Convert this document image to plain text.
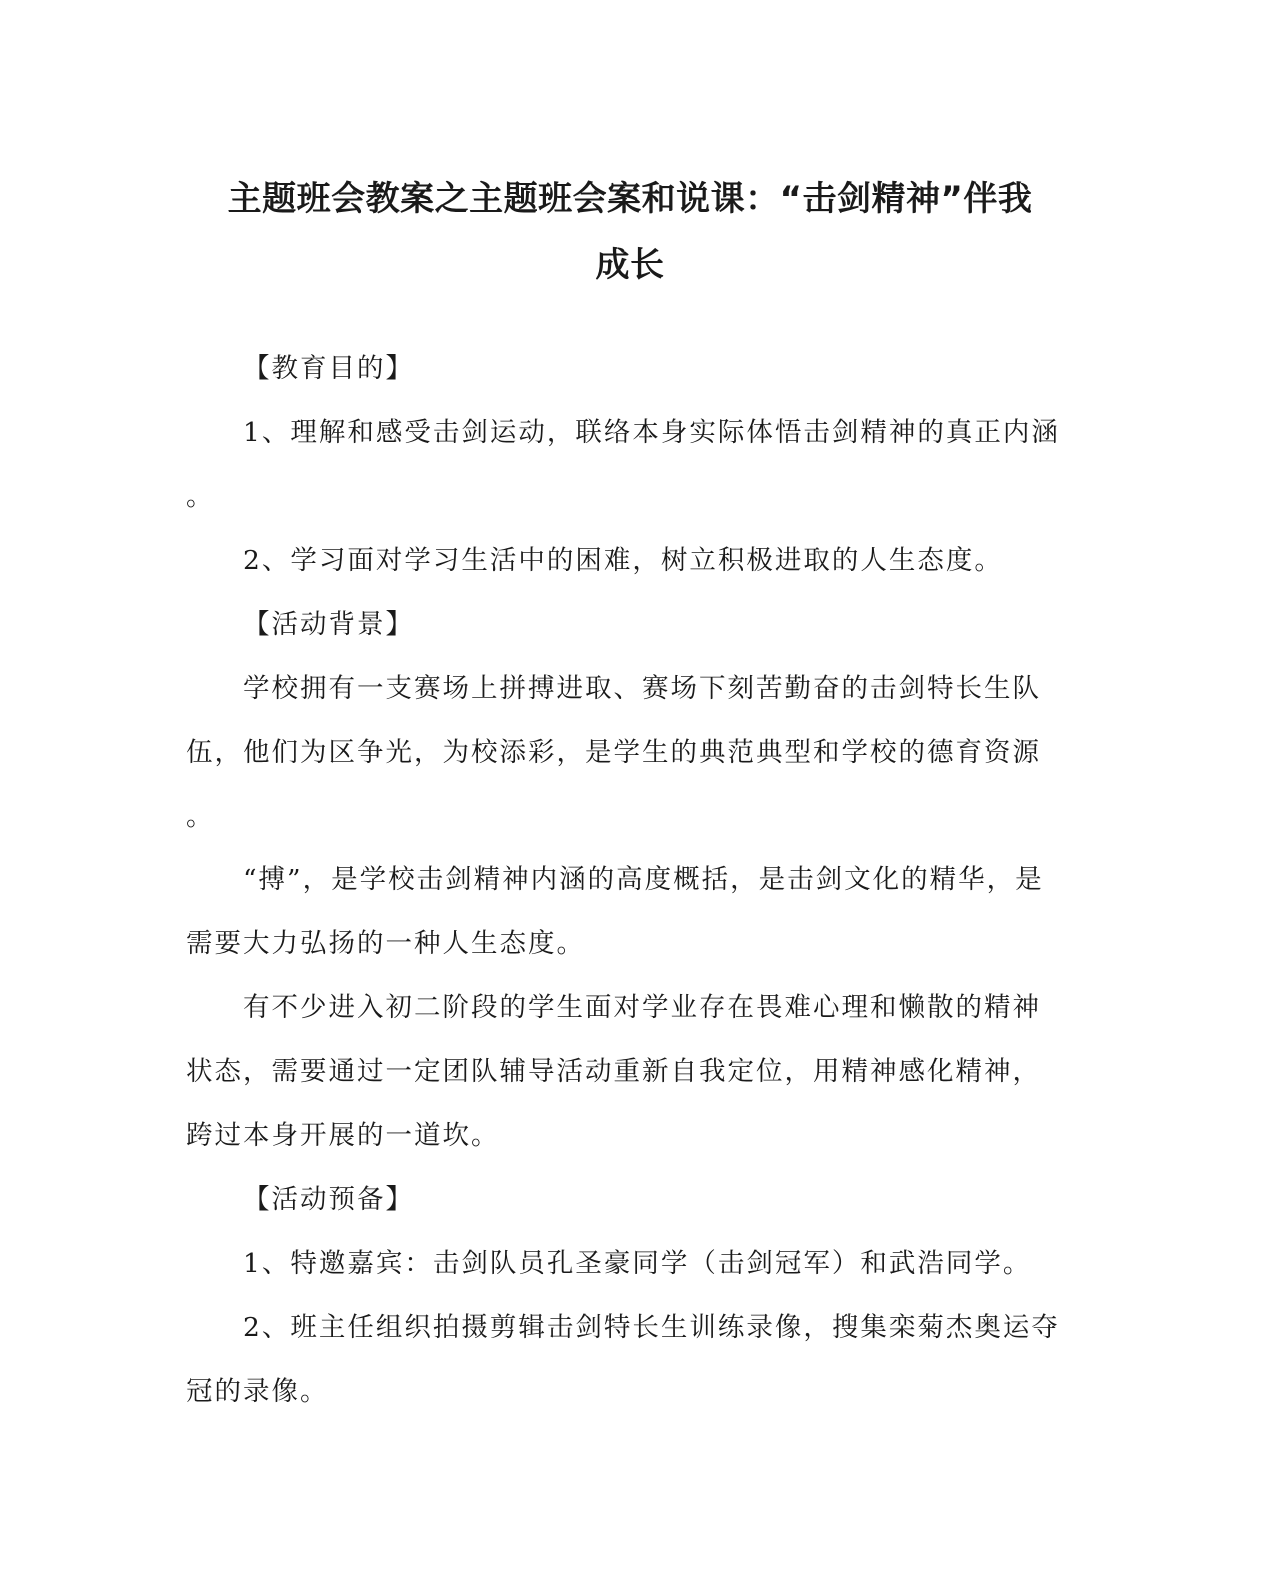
主题班会教案之主题班会案和说课：“击剑精神”伴我
成长

【教育目的】

1、理解和感受击剑运动，联络本身实际体悟击剑精神的真正内涵

。

2、学习面对学习生活中的困难，树立积极进取的人生态度。

【活动背景】

学校拥有一支赛场上拼搏进取、赛场下刻苦勤奋的击剑特长生队

伍，他们为区争光，为校添彩，是学生的典范典型和学校的德育资源

。

“搏”，是学校击剑精神内涵的高度概括，是击剑文化的精华，是

需要大力弘扬的一种人生态度。

有不少进入初二阶段的学生面对学业存在畏难心理和懒散的精神

状态，需要通过一定团队辅导活动重新自我定位，用精神感化精神，

跨过本身开展的一道坎。

【活动预备】

1、特邀嘉宾：击剑队员孔圣豪同学（击剑冠军）和武浩同学。

2、班主任组织拍摄剪辑击剑特长生训练录像，搜集栾菊杰奥运夺

冠的录像。
